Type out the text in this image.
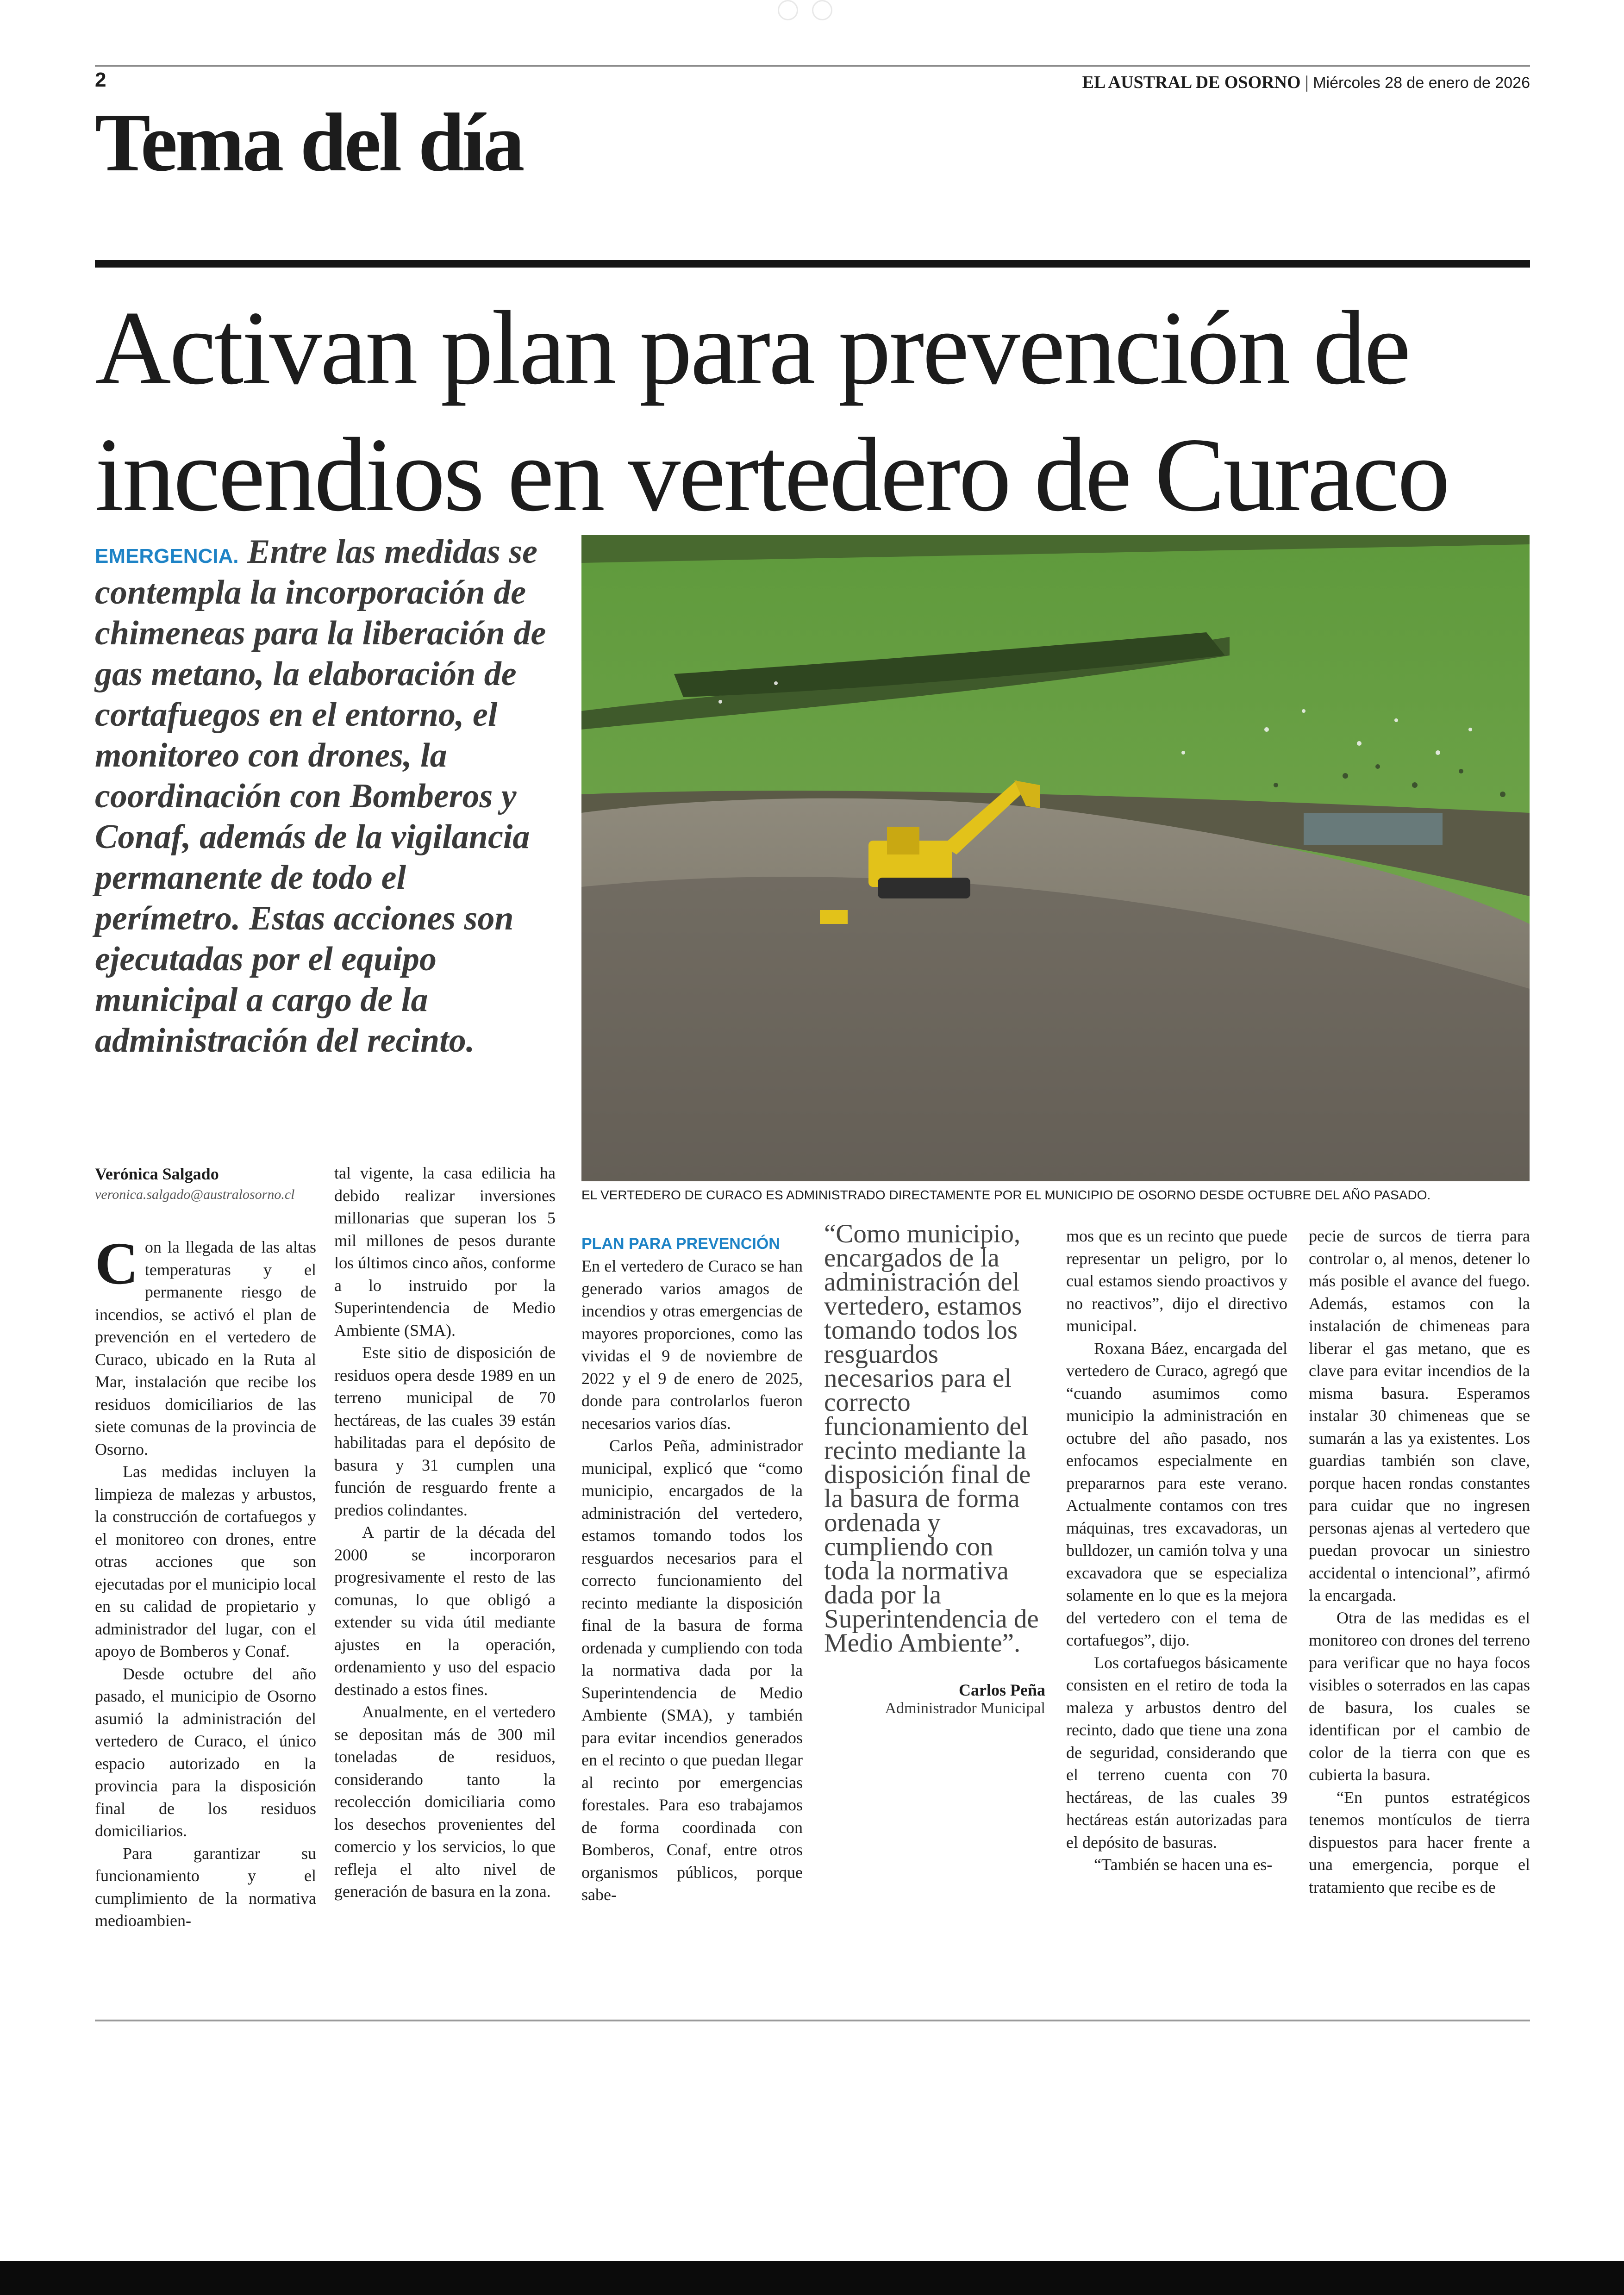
2	EL AUSTRAL DE OSORNO | Miércoles 28 de enero de 2026
Tema del día
Activan plan para prevención de incendios en vertedero de Curaco
EMERGENCIA. Entre las medidas se contempla la incorporación de chimeneas para la liberación de gas metano, la elaboración de cortafuegos en el entorno, el monitoreo con drones, la coordinación con Bomberos y Conaf, además de la vigilancia permanente de todo el perímetro. Estas acciones son ejecutadas por el equipo municipal a cargo de la administración del recinto.
EL VERTEDERO DE CURACO ES ADMINISTRADO DIRECTAMENTE POR EL MUNICIPIO DE OSORNO DESDE OCTUBRE DEL AÑO PASADO.
Verónica Salgado
veronica.salgado@australosorno.cl

Con la llegada de las altas temperaturas y el permanente riesgo de incendios, se activó el plan de prevención en el vertedero de Curaco, ubicado en la Ruta al Mar, instalación que recibe los residuos domiciliarios de las siete comunas de la provincia de Osorno.

Las medidas incluyen la limpieza de malezas y arbustos, la construcción de cortafuegos y el monitoreo con drones, entre otras acciones que son ejecutadas por el municipio local en su calidad de propietario y administrador del lugar, con el apoyo de Bomberos y Conaf.

Desde octubre del año pasado, el municipio de Osorno asumió la administración del vertedero de Curaco, el único espacio autorizado en la provincia para la disposición final de los residuos domiciliarios.

Para garantizar su funcionamiento y el cumplimiento de la normativa medioambien-

tal vigente, la casa edilicia ha debido realizar inversiones millonarias que superan los 5 mil millones de pesos durante los últimos cinco años, conforme a lo instruido por la Superintendencia de Medio Ambiente (SMA).

Este sitio de disposición de residuos opera desde 1989 en un terreno municipal de 70 hectáreas, de las cuales 39 están habilitadas para el depósito de basura y 31 cumplen una función de resguardo frente a predios colindantes.

A partir de la década del 2000 se incorporaron progresivamente el resto de las comunas, lo que obligó a extender su vida útil mediante ajustes en la operación, ordenamiento y uso del espacio destinado a estos fines.

Anualmente, en el vertedero se depositan más de 300 mil toneladas de residuos, considerando tanto la recolección domiciliaria como los desechos provenientes del comercio y los servicios, lo que refleja el alto nivel de generación de basura en la zona.

PLAN PARA PREVENCIÓN

En el vertedero de Curaco se han generado varios amagos de incendios y otras emergencias de mayores proporciones, como las vividas el 9 de noviembre de 2022 y el 9 de enero de 2025, donde para controlarlos fueron necesarios varios días.

Carlos Peña, administrador municipal, explicó que “como municipio, encargados de la administración del vertedero, estamos tomando todos los resguardos necesarios para el correcto funcionamiento del recinto mediante la disposición final de la basura de forma ordenada y cumpliendo con toda la normativa dada por la Superintendencia de Medio Ambiente (SMA), y también para evitar incendios generados en el recinto o que puedan llegar al recinto por emergencias forestales. Para eso trabajamos de forma coordinada con Bomberos, Conaf, entre otros organismos públicos, porque sabe-

“Como municipio, encargados de la administración del vertedero, estamos tomando todos los resguardos necesarios para el correcto funcionamiento del recinto mediante la disposición final de la basura de forma ordenada y cumpliendo con toda la normativa dada por la Superintendencia de Medio Ambiente”.
Carlos Peña
Administrador Municipal

mos que es un recinto que puede representar un peligro, por lo cual estamos siendo proactivos y no reactivos”, dijo el directivo municipal.

Roxana Báez, encargada del vertedero de Curaco, agregó que “cuando asumimos como municipio la administración en octubre del año pasado, nos enfocamos especialmente en prepararnos para este verano. Actualmente contamos con tres máquinas, tres excavadoras, un bulldozer, un camión tolva y una excavadora que se especializa solamente en lo que es la mejora del vertedero con el tema de cortafuegos”, dijo.

Los cortafuegos básicamente consisten en el retiro de toda la maleza y arbustos dentro del recinto, dado que tiene una zona de seguridad, considerando que el terreno cuenta con 70 hectáreas, de las cuales 39 hectáreas están autorizadas para el depósito de basuras.

“También se hacen una es-

pecie de surcos de tierra para controlar o, al menos, detener lo más posible el avance del fuego. Además, estamos con la instalación de chimeneas para liberar el gas metano, que es clave para evitar incendios de la misma basura. Esperamos instalar 30 chimeneas que se sumarán a las ya existentes. Los guardias también son clave, porque hacen rondas constantes para cuidar que no ingresen personas ajenas al vertedero que puedan provocar un siniestro accidental o intencional”, afirmó la encargada.

Otra de las medidas es el monitoreo con drones del terreno para verificar que no haya focos visibles o soterrados en las capas de basura, los cuales se identifican por el cambio de color de la tierra con que es cubierta la basura.

“En puntos estratégicos tenemos montículos de tierra dispuestos para hacer frente a una emergencia, porque el tratamiento que recibe es de
